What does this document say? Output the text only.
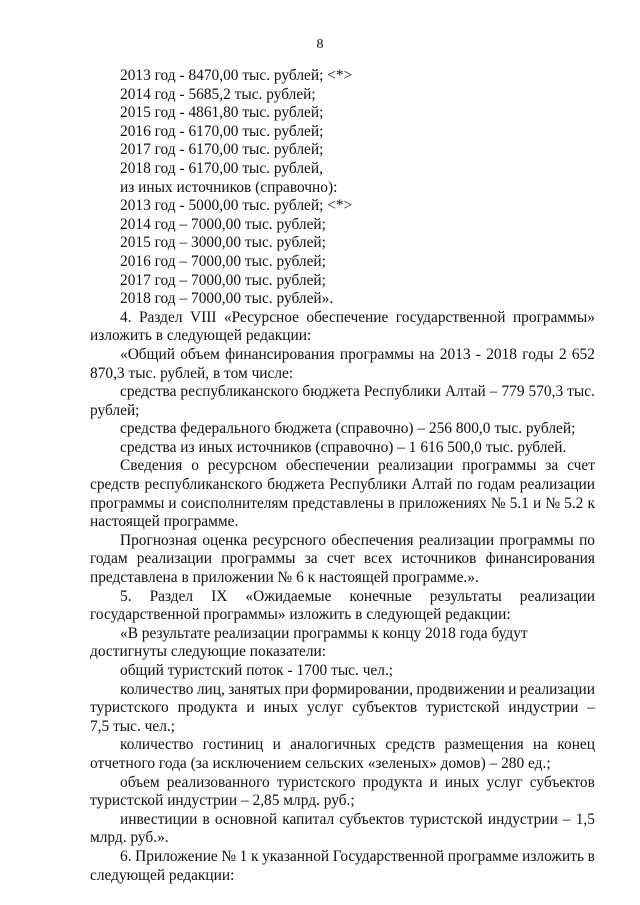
8
2013 год - 8470,00 тыс. рублей; <*>
2014 год - 5685,2 тыс. рублей;
2015 год - 4861,80 тыс. рублей;
2016 год - 6170,00 тыс. рублей;
2017 год - 6170,00 тыс. рублей;
2018 год - 6170,00 тыс. рублей,
из иных источников (справочно):
2013 год - 5000,00 тыс. рублей; <*>
2014 год – 7000,00 тыс. рублей;
2015 год – 3000,00 тыс. рублей;
2016 год – 7000,00 тыс. рублей;
2017 год – 7000,00 тыс. рублей;
2018 год – 7000,00 тыс. рублей».
4. Раздел VIII «Ресурсное обеспечение государственной программы»
изложить в следующей редакции:
«Общий объем финансирования программы на 2013 - 2018 годы 2 652
870,3 тыс. рублей, в том числе:
средства республиканского бюджета Республики Алтай – 779 570,3 тыс.
рублей;
средства федерального бюджета (справочно) – 256 800,0 тыс. рублей;
средства из иных источников (справочно) – 1 616 500,0 тыс. рублей.
Сведения о ресурсном обеспечении реализации программы за счет
средств республиканского бюджета Республики Алтай по годам реализации
программы и соисполнителям представлены в приложениях № 5.1 и № 5.2 к
настоящей программе.
Прогнозная оценка ресурсного обеспечения реализации программы по
годам реализации программы за счет всех источников финансирования
представлена в приложении № 6 к настоящей программе.».
5. Раздел IX «Ожидаемые конечные результаты реализации
государственной программы» изложить в следующей редакции:
«В результате реализации программы к концу 2018 года будут
достигнуты следующие показатели:
общий туристский поток - 1700 тыс. чел.;
количество лиц, занятых при формировании, продвижении и реализации
туристского продукта и иных услуг субъектов туристской индустрии –
7,5 тыс. чел.;
количество гостиниц и аналогичных средств размещения на конец
отчетного года (за исключением сельских «зеленых» домов) – 280 ед.;
объем реализованного туристского продукта и иных услуг субъектов
туристской индустрии – 2,85 млрд. руб.;
инвестиции в основной капитал субъектов туристской индустрии – 1,5
млрд. руб.».
6. Приложение № 1 к указанной Государственной программе изложить в
следующей редакции:
